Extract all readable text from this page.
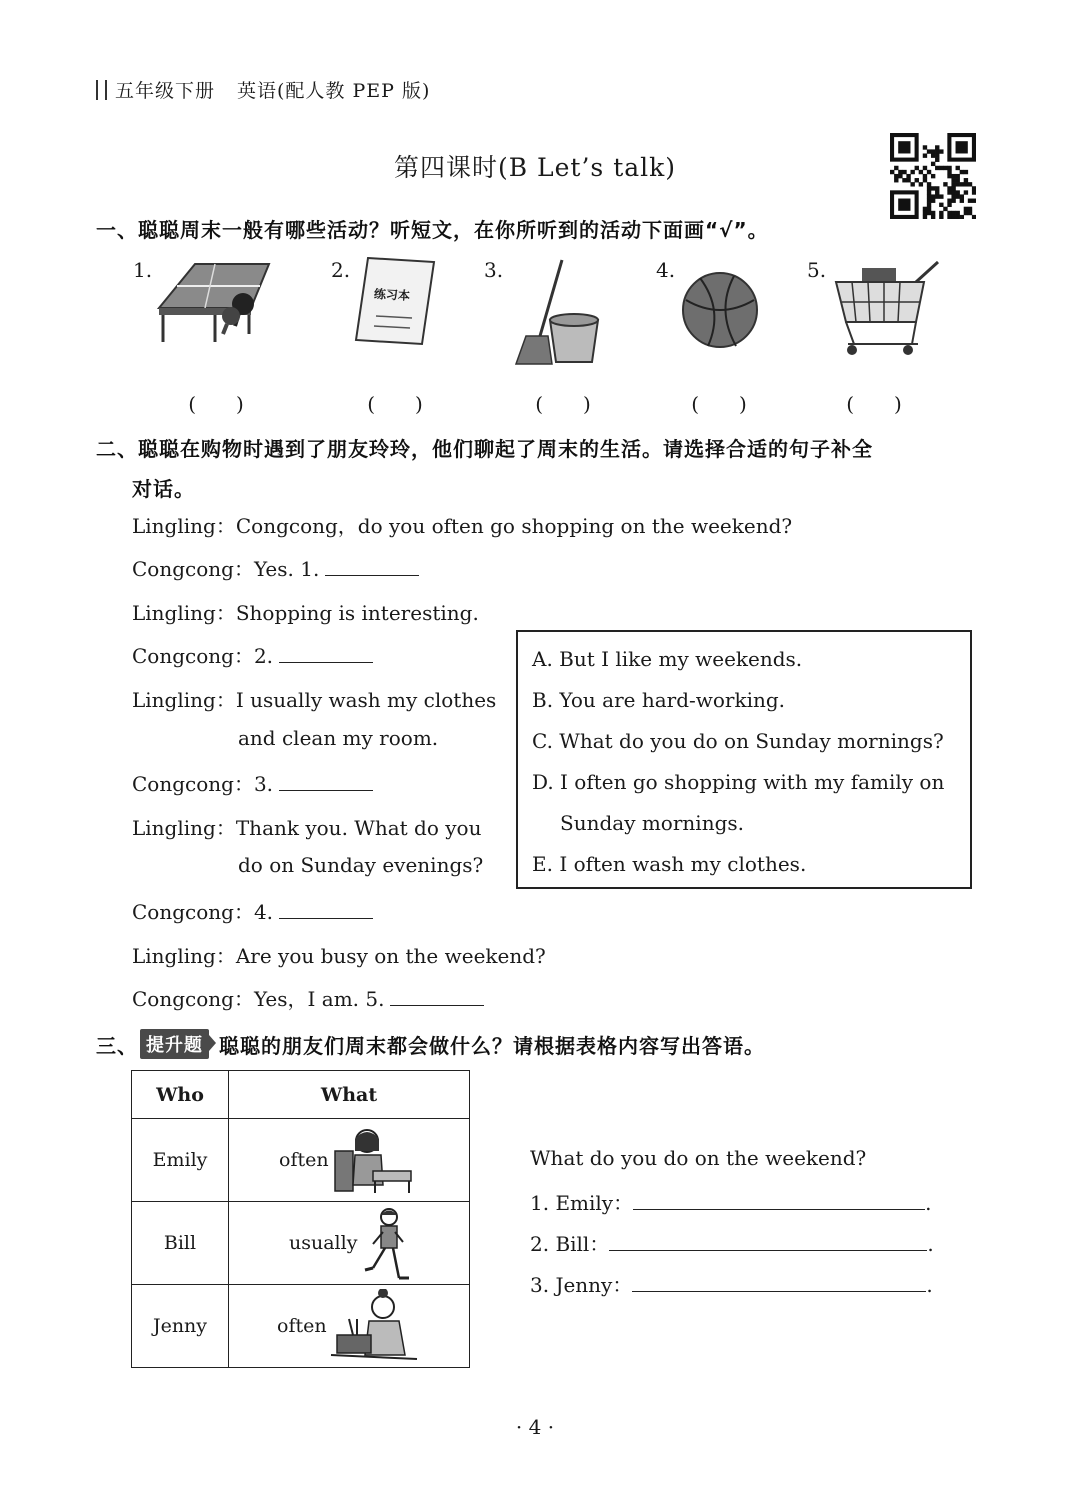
五年级下册 英语(配人教 PEP 版)
第四课时(B Let’s talk)
一、聪聪周末一般有哪些活动？听短文，在你所听到的活动下面画“√”。
1.
(　　)
2.
练习本
(　　)
3.
(　　)
4.
(　　)
5.
(　　)
二、聪聪在购物时遇到了朋友玲玲，他们聊起了周末的生活。请选择合适的句子补全
对话。
Lingling：Congcong，do you often go shopping on the weekend?
Congcong：Yes. 1.
Lingling：Shopping is interesting.
Congcong：2.
Lingling：I usually wash my clothes
and clean my room.
Congcong：3.
Lingling：Thank you. What do you
do on Sunday evenings?
Congcong：4.
Lingling：Are you busy on the weekend?
Congcong：Yes，I am. 5.
A. But I like my weekends.
B. You are hard-working.
C. What do you do on Sunday mornings?
D. I often go shopping with my family on
Sunday mornings.
E. I often wash my clothes.
三、 提升题 聪聪的朋友们周末都会做什么？请根据表格内容写出答语。
Who	What
Emily	often

Bill	usually

Jenny	often
What do you do on the weekend?
1. Emily：	.
2. Bill：	.
3. Jenny：	.
· 4 ·
